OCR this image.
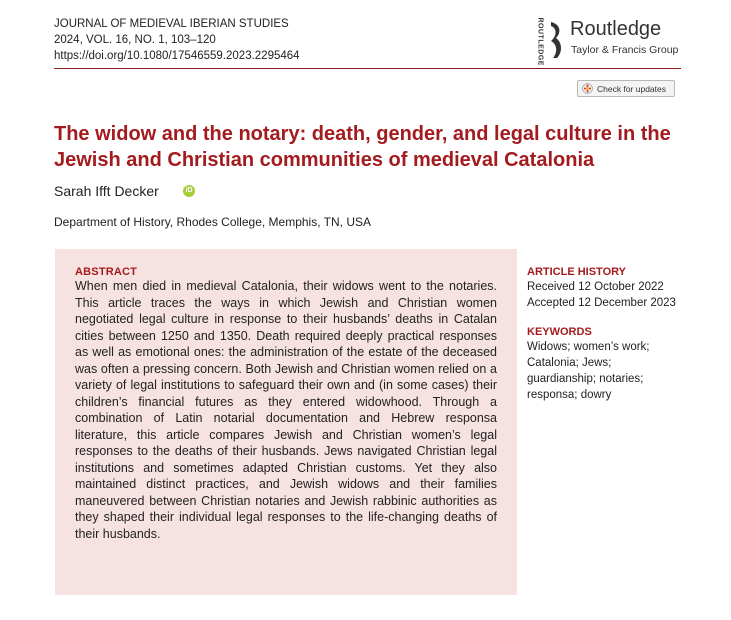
JOURNAL OF MEDIEVAL IBERIAN STUDIES
2024, VOL. 16, NO. 1, 103–120
https://doi.org/10.1080/17546559.2023.2295464	ROUTLEDGE Routledge
Taylor & Francis Group
Check for updates
The widow and the notary: death, gender, and legal culture in the Jewish and Christian communities of medieval Catalonia
Sarah Ifft Decker	iD
Department of History, Rhodes College, Memphis, TN, USA
ABSTRACT

When men died in medieval Catalonia, their widows went to the notaries. This article traces the ways in which Jewish and Christian women negotiated legal culture in response to their husbands’ deaths in Catalan cities between 1250 and 1350. Death required deeply practical responses as well as emotional ones: the administration of the estate of the deceased was often a pressing concern. Both Jewish and Christian women relied on a variety of legal institutions to safeguard their own and (in some cases) their children’s financial futures as they entered widowhood. Through a combination of Latin notarial documentation and Hebrew responsa literature, this article compares Jewish and Christian women’s legal responses to the deaths of their husbands. Jews navigated Christian legal institutions and sometimes adapted Christian customs. Yet they also maintained distinct practices, and Jewish widows and their families maneuvered between Christian notaries and Jewish rabbinic authorities as they shaped their individual legal responses to the life-changing deaths of their husbands.

ARTICLE HISTORY
Received 12 October 2022
Accepted 12 December 2023
KEYWORDS
Widows; women’s work; Catalonia; Jews; guardianship; notaries; responsa; dowry
